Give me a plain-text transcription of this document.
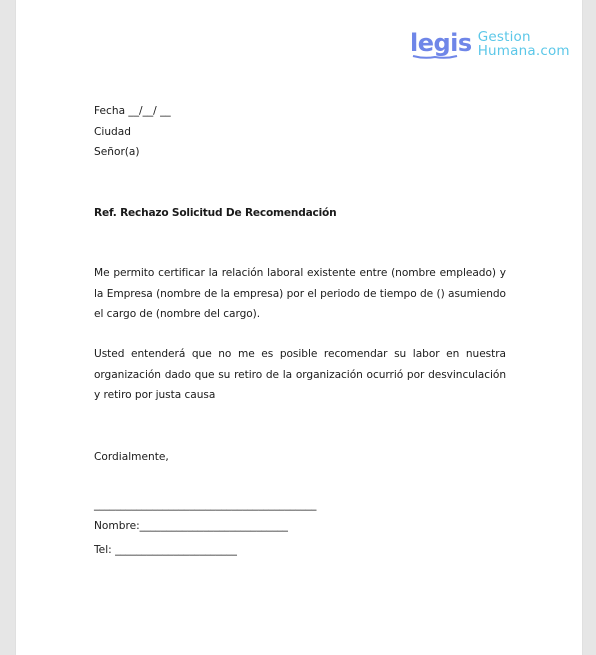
legis Gestion
Humana.com
Fecha __/__/ __
Ciudad
Señor(a)
Ref. Rechazo Solicitud De Recomendación
Me permito certificar la relación laboral existente entre (nombre empleado) y la Empresa (nombre de la empresa) por el periodo de tiempo de () asumiendo el cargo de (nombre del cargo).
Usted entenderá que no me es posible recomendar su labor en nuestra organización dado que su retiro de la organización ocurrió por desvinculación y retiro por justa causa
Cordialmente,
__________________________________________
Nombre:____________________________
Tel: _______________________
